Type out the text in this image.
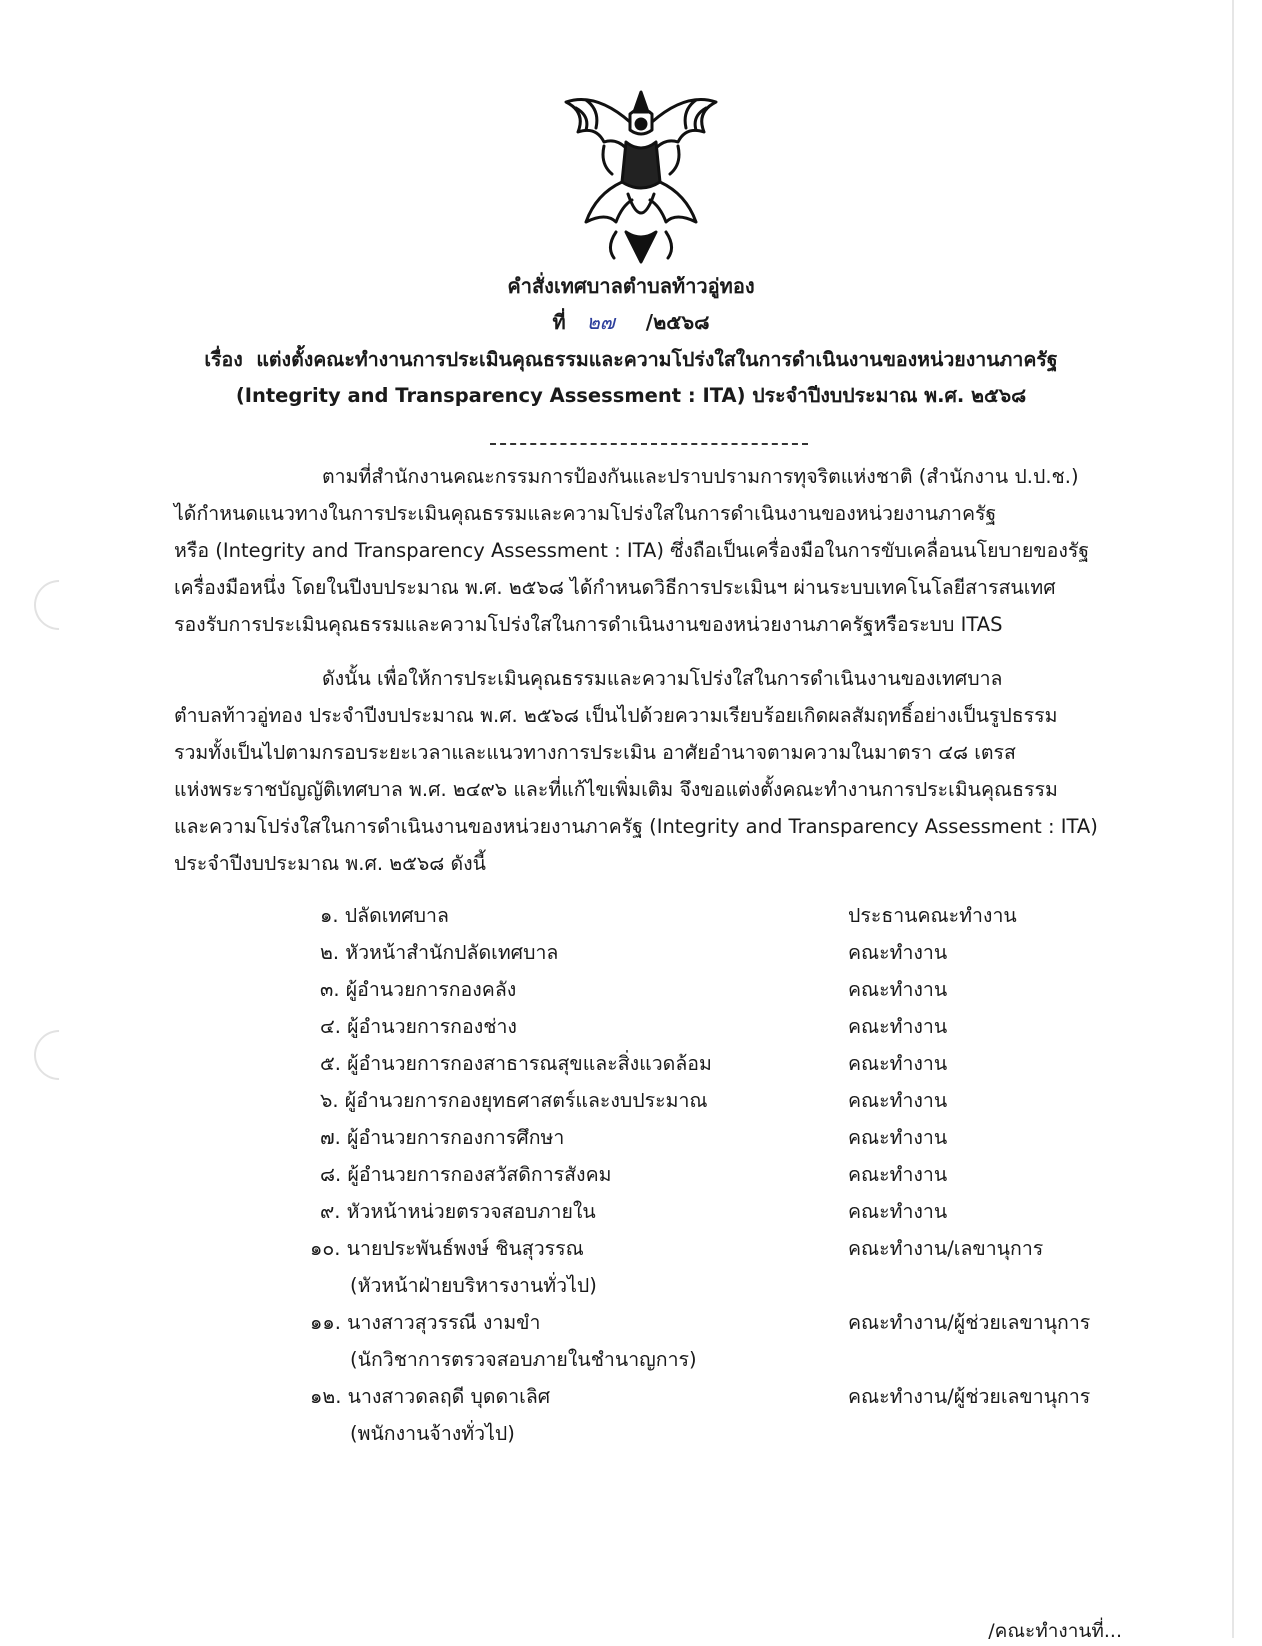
คำสั่งเทศบาลตำบลท้าวอู่ทอง
ที่ ๒๗ /๒๕๖๘
เรื่อง แต่งตั้งคณะทำงานการประเมินคุณธรรมและความโปร่งใสในการดำเนินงานของหน่วยงานภาครัฐ
(Integrity and Transparency Assessment : ITA) ประจำปีงบประมาณ พ.ศ. ๒๕๖๘
ตามที่สำนักงานคณะกรรมการป้องกันและปราบปรามการทุจริตแห่งชาติ (สำนักงาน ป.ป.ช.)
ได้กำหนดแนวทางในการประเมินคุณธรรมและความโปร่งใสในการดำเนินงานของหน่วยงานภาครัฐ
หรือ (Integrity and Transparency Assessment : ITA) ซึ่งถือเป็นเครื่องมือในการขับเคลื่อนนโยบายของรัฐ
เครื่องมือหนึ่ง โดยในปีงบประมาณ พ.ศ. ๒๕๖๘ ได้กำหนดวิธีการประเมินฯ ผ่านระบบเทคโนโลยีสารสนเทศ
รองรับการประเมินคุณธรรมและความโปร่งใสในการดำเนินงานของหน่วยงานภาครัฐหรือระบบ ITAS
ดังนั้น เพื่อให้การประเมินคุณธรรมและความโปร่งใสในการดำเนินงานของเทศบาล
ตำบลท้าวอู่ทอง ประจำปีงบประมาณ พ.ศ. ๒๕๖๘ เป็นไปด้วยความเรียบร้อยเกิดผลสัมฤทธิ์อย่างเป็นรูปธรรม
รวมทั้งเป็นไปตามกรอบระยะเวลาและแนวทางการประเมิน อาศัยอำนาจตามความในมาตรา ๔๘ เตรส
แห่งพระราชบัญญัติเทศบาล พ.ศ. ๒๔๙๖ และที่แก้ไขเพิ่มเติม จึงขอแต่งตั้งคณะทำงานการประเมินคุณธรรม
และความโปร่งใสในการดำเนินงานของหน่วยงานภาครัฐ (Integrity and Transparency Assessment : ITA)
ประจำปีงบประมาณ พ.ศ. ๒๕๖๘ ดังนี้
๑. ปลัดเทศบาล	ประธานคณะทำงาน
๒. หัวหน้าสำนักปลัดเทศบาล	คณะทำงาน
๓. ผู้อำนวยการกองคลัง	คณะทำงาน
๔. ผู้อำนวยการกองช่าง	คณะทำงาน
๕. ผู้อำนวยการกองสาธารณสุขและสิ่งแวดล้อม	คณะทำงาน
๖. ผู้อำนวยการกองยุทธศาสตร์และงบประมาณ	คณะทำงาน
๗. ผู้อำนวยการกองการศึกษา	คณะทำงาน
๘. ผู้อำนวยการกองสวัสดิการสังคม	คณะทำงาน
๙. หัวหน้าหน่วยตรวจสอบภายใน	คณะทำงาน
๑๐. นายประพันธ์พงษ์ ชินสุวรรณ	คณะทำงาน/เลขานุการ
(หัวหน้าฝ่ายบริหารงานทั่วไป)
๑๑. นางสาวสุวรรณี งามขำ	คณะทำงาน/ผู้ช่วยเลขานุการ
(นักวิชาการตรวจสอบภายในชำนาญการ)
๑๒. นางสาวดลฤดี บุดดาเลิศ	คณะทำงาน/ผู้ช่วยเลขานุการ
(พนักงานจ้างทั่วไป)
/คณะทำงานที่...
